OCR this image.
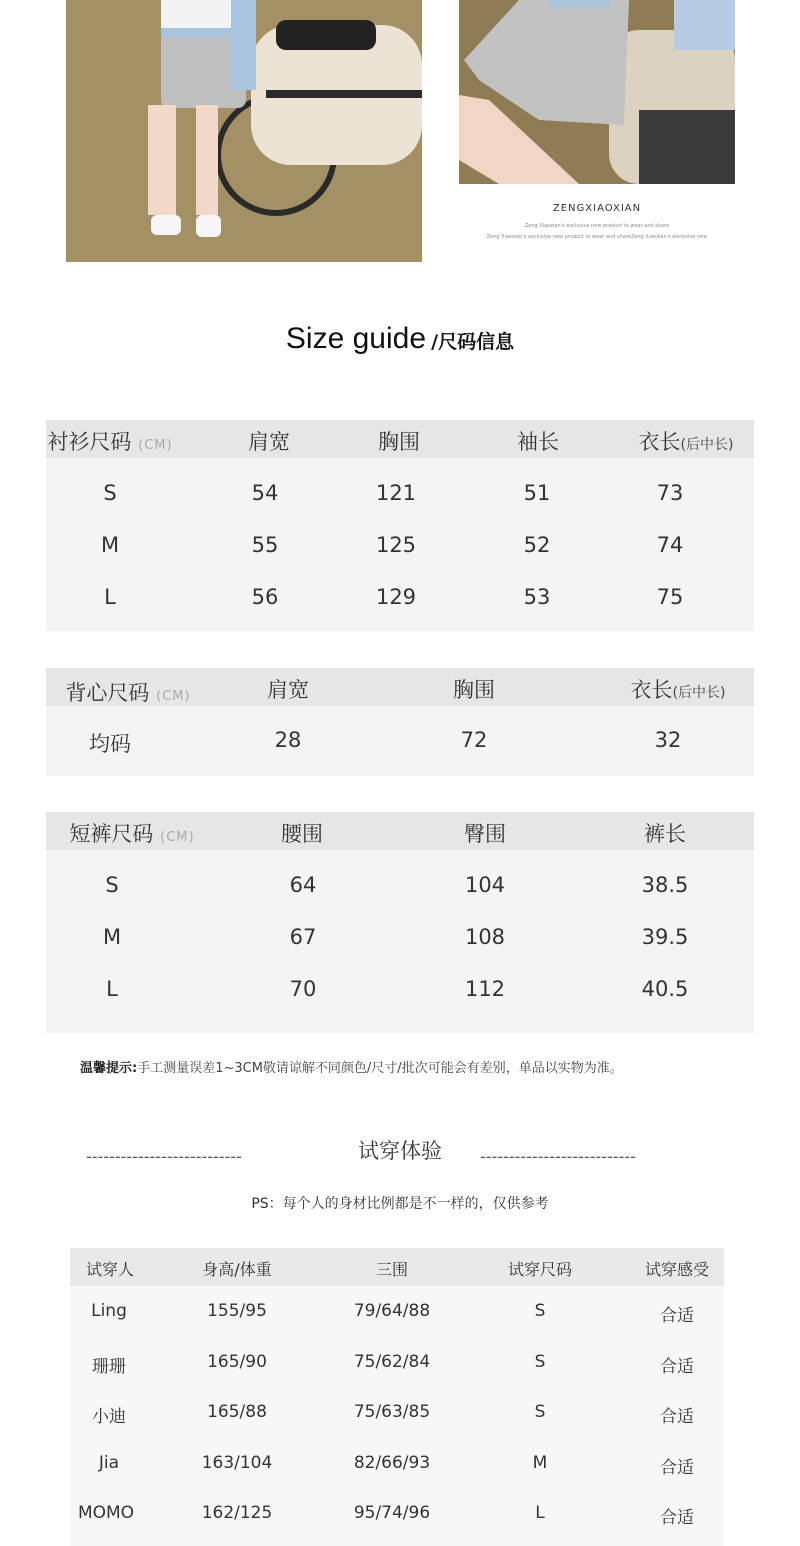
ZENGXIAOXIAN
Zeng Xiaoxian's exclusive new product to wear and share
Zeng Xiaoxian's exclusive new product to wear and shareZeng Xiaoxian's exclusive new
Size guide /尺码信息
衬衫尺码 (CM)	肩宽	胸围	袖长	衣长(后中长)
S	54	121	51	73
M	55	125	52	74
L	56	129	53	75
背心尺码 (CM)	肩宽	胸围	衣长(后中长)
均码	28	72	32
短裤尺码 (CM)	腰围	臀围	裤长
S	64	104	38.5
M	67	108	39.5
L	70	112	40.5
温馨提示:手工测量误差1~3CM敬请谅解不同颜色/尺寸/批次可能会有差别，单品以实物为准。
---------------------------	试穿体验	---------------------------
PS：每个人的身材比例都是不一样的，仅供参考
试穿人	身高/体重	三围	试穿尺码	试穿感受
Ling	155/95	79/64/88	S	合适
珊珊	165/90	75/62/84	S	合适
小迪	165/88	75/63/85	S	合适
Jia	163/104	82/66/93	M	合适
MOMO	162/125	95/74/96	L	合适
